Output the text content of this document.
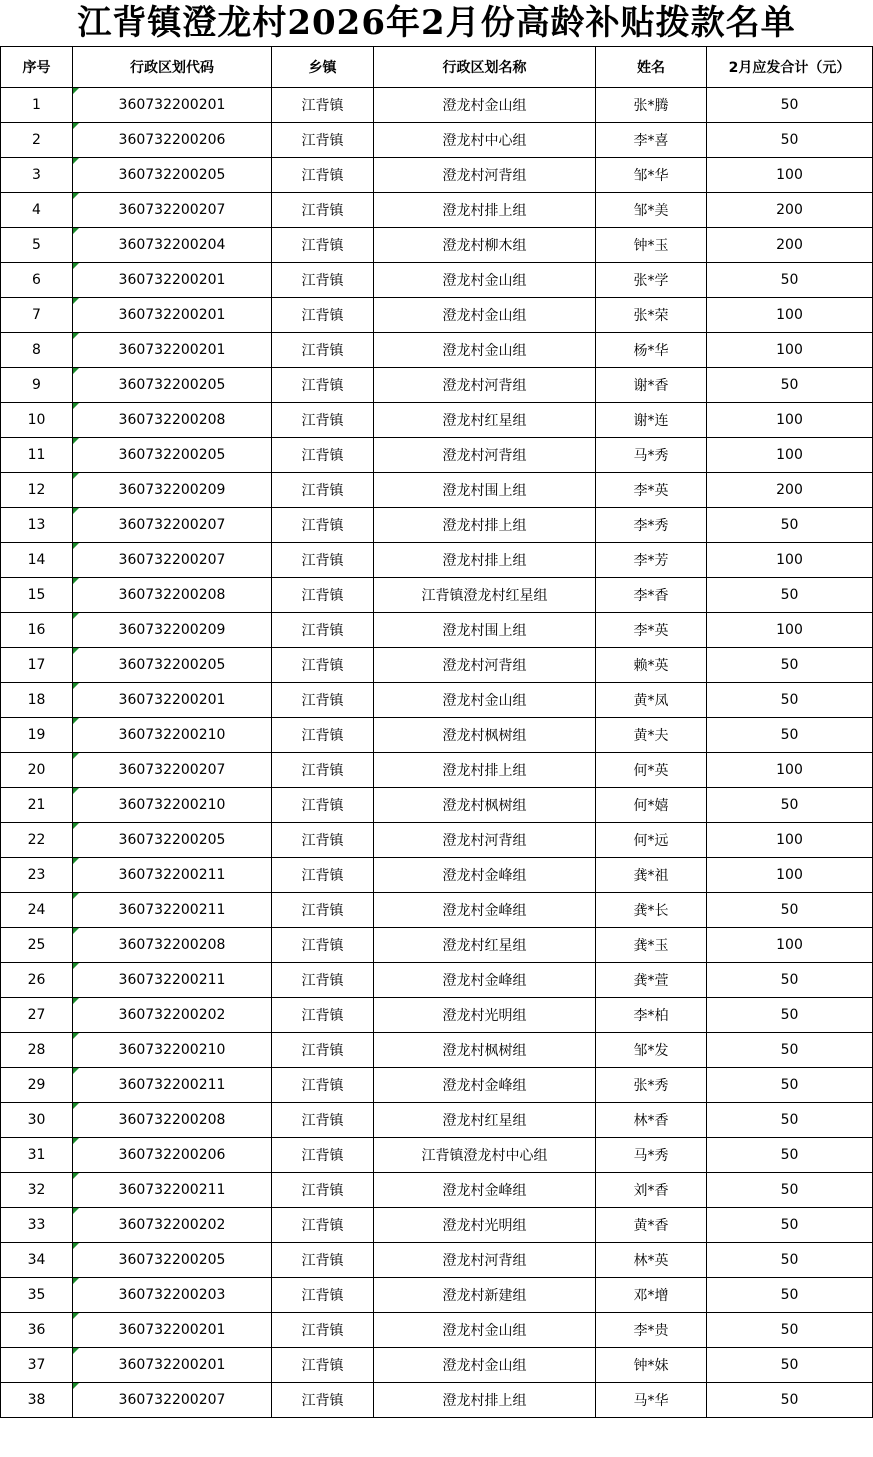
江背镇澄龙村2026年2月份高龄补贴拨款名单
序号	行政区划代码	乡镇	行政区划名称	姓名	2月应发合计（元）
1	360732200201	江背镇	澄龙村金山组	张*腾	50
2	360732200206	江背镇	澄龙村中心组	李*喜	50
3	360732200205	江背镇	澄龙村河背组	邹*华	100
4	360732200207	江背镇	澄龙村排上组	邹*美	200
5	360732200204	江背镇	澄龙村柳木组	钟*玉	200
6	360732200201	江背镇	澄龙村金山组	张*学	50
7	360732200201	江背镇	澄龙村金山组	张*荣	100
8	360732200201	江背镇	澄龙村金山组	杨*华	100
9	360732200205	江背镇	澄龙村河背组	谢*香	50
10	360732200208	江背镇	澄龙村红星组	谢*连	100
11	360732200205	江背镇	澄龙村河背组	马*秀	100
12	360732200209	江背镇	澄龙村围上组	李*英	200
13	360732200207	江背镇	澄龙村排上组	李*秀	50
14	360732200207	江背镇	澄龙村排上组	李*芳	100
15	360732200208	江背镇	江背镇澄龙村红星组	李*香	50
16	360732200209	江背镇	澄龙村围上组	李*英	100
17	360732200205	江背镇	澄龙村河背组	赖*英	50
18	360732200201	江背镇	澄龙村金山组	黄*凤	50
19	360732200210	江背镇	澄龙村枫树组	黄*夫	50
20	360732200207	江背镇	澄龙村排上组	何*英	100
21	360732200210	江背镇	澄龙村枫树组	何*嬉	50
22	360732200205	江背镇	澄龙村河背组	何*远	100
23	360732200211	江背镇	澄龙村金峰组	龚*祖	100
24	360732200211	江背镇	澄龙村金峰组	龚*长	50
25	360732200208	江背镇	澄龙村红星组	龚*玉	100
26	360732200211	江背镇	澄龙村金峰组	龚*萱	50
27	360732200202	江背镇	澄龙村光明组	李*柏	50
28	360732200210	江背镇	澄龙村枫树组	邹*发	50
29	360732200211	江背镇	澄龙村金峰组	张*秀	50
30	360732200208	江背镇	澄龙村红星组	林*香	50
31	360732200206	江背镇	江背镇澄龙村中心组	马*秀	50
32	360732200211	江背镇	澄龙村金峰组	刘*香	50
33	360732200202	江背镇	澄龙村光明组	黄*香	50
34	360732200205	江背镇	澄龙村河背组	林*英	50
35	360732200203	江背镇	澄龙村新建组	邓*增	50
36	360732200201	江背镇	澄龙村金山组	李*贵	50
37	360732200201	江背镇	澄龙村金山组	钟*妹	50
38	360732200207	江背镇	澄龙村排上组	马*华	50
